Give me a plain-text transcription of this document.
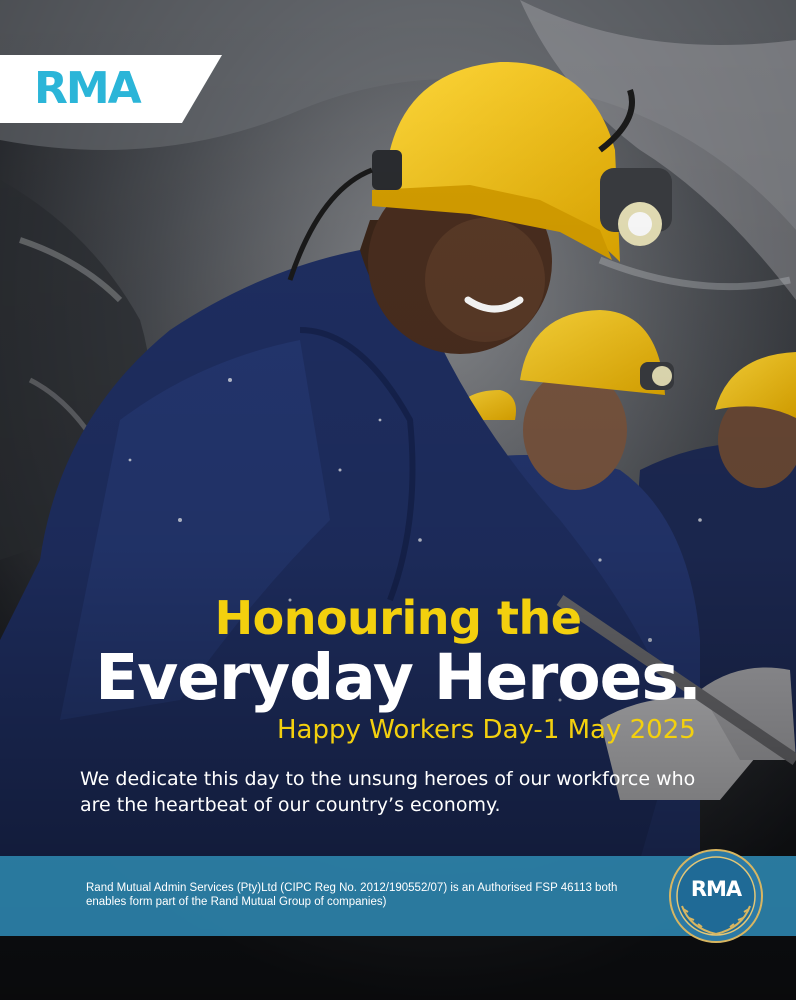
RMA
Honouring the
Everyday Heroes.
Happy Workers Day-1 May 2025
We dedicate this day to the unsung heroes of our workforce who are the heartbeat of our country’s economy.
Rand Mutual Admin Services (Pty)Ltd (CIPC Reg No. 2012/190552/07) is an Authorised FSP 46113 both enables form part of the Rand Mutual Group of companies)
RMA
